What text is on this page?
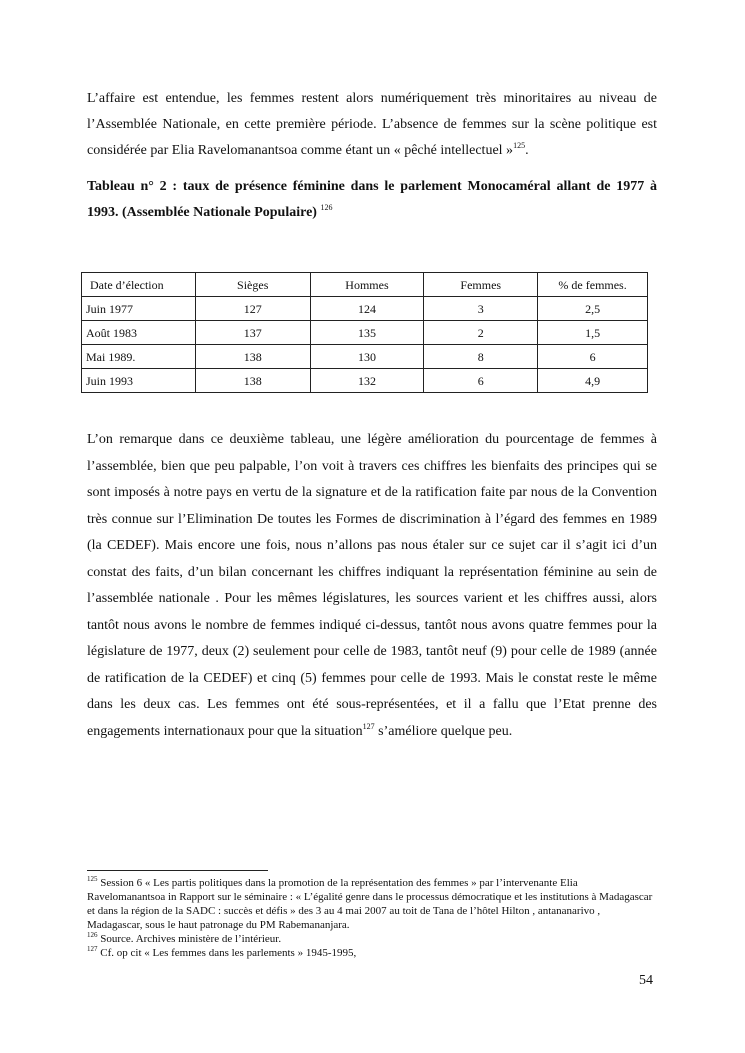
L’affaire est entendue, les femmes restent alors numériquement très minoritaires au niveau de l’Assemblée Nationale, en cette première période. L’absence de femmes sur la scène politique est considérée par Elia Ravelomanantsoa comme étant un « pêché intellectuel »$^{125}$.

Tableau n° 2 : taux de présence féminine dans le parlement Monocaméral allant de 1977 à 1993. (Assemblée Nationale Populaire) $^{126}$

Date d’élection	Sièges	Hommes	Femmes	% de femmes.
Juin 1977	127	124	3	2,5
Août 1983	137	135	2	1,5
Mai 1989.	138	130	8	6
Juin 1993	138	132	6	4,9

L’on remarque dans ce deuxième tableau, une légère amélioration du pourcentage de femmes à l’assemblée, bien que peu palpable, l’on voit à travers ces chiffres les bienfaits des principes qui se sont imposés à notre pays en vertu de la signature et de la ratification faite par nous de la Convention très connue sur l’Elimination De toutes les Formes de discrimination à l’égard des femmes en 1989 (la CEDEF). Mais encore une fois, nous n’allons pas nous étaler sur ce sujet car il s’agit ici d’un constat des faits, d’un bilan concernant les chiffres indiquant la représentation féminine au sein de l’assemblée nationale . Pour les mêmes législatures, les sources varient et les chiffres aussi, alors tantôt nous avons le nombre de femmes indiqué ci-dessus, tantôt nous avons quatre femmes pour la législature de 1977, deux (2) seulement pour celle de 1983, tantôt neuf (9) pour celle de 1989 (année de ratification de la CEDEF) et cinq (5) femmes pour celle de 1993. Mais le constat reste le même dans les deux cas. Les femmes ont été sous-représentées, et il a fallu que l’Etat prenne des engagements internationaux pour que la situation$^{127}$ s’améliore quelque peu.

$^{125}$ Session 6 « Les partis politiques dans la promotion de la représentation des femmes » par l’intervenante Elia Ravelomanantsoa in Rapport sur le séminaire : « L’égalité genre dans le processus démocratique et les institutions à Madagascar et dans la région de la SADC : succès et défis » des 3 au 4 mai 2007 au toit de Tana de l’hôtel Hilton , antananarivo , Madagascar, sous le haut patronage du PM Rabemananjara.

$^{126}$ Source. Archives ministère de l’intérieur.

$^{127}$ Cf. op cit « Les femmes dans les parlements » 1945-1995,

54
